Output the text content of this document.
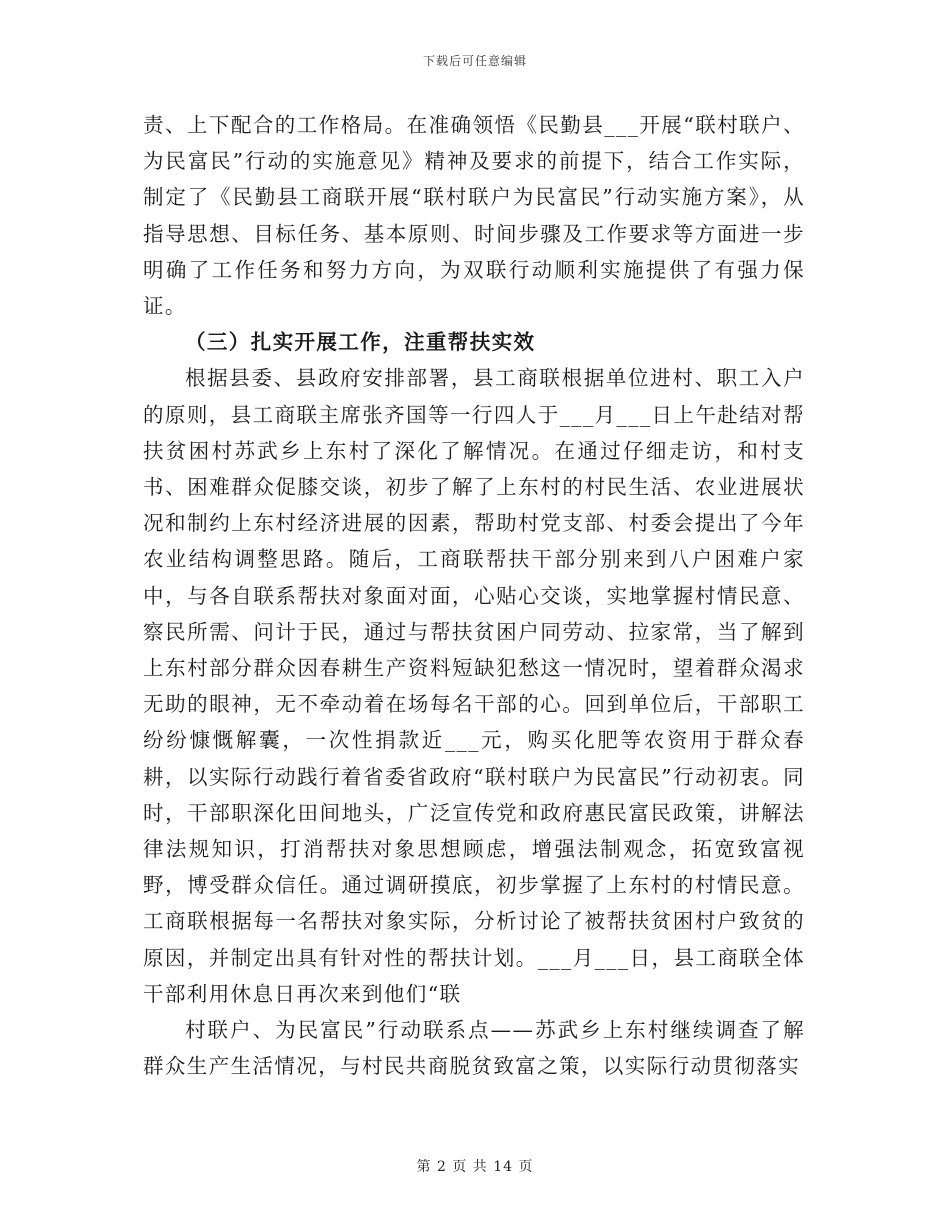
下载后可任意编辑

责、上下配合的工作格局。在准确领悟《民勤县___开展“联村联户、为民富民”行动的实施意见》精神及要求的前提下，结合工作实际，制定了《民勤县工商联开展“联村联户为民富民”行动实施方案》，从指导思想、目标任务、基本原则、时间步骤及工作要求等方面进一步明确了工作任务和努力方向，为双联行动顺利实施提供了有强力保证。

（三）扎实开展工作，注重帮扶实效

根据县委、县政府安排部署，县工商联根据单位进村、职工入户的原则，县工商联主席张齐国等一行四人于___月___日上午赴结对帮扶贫困村苏武乡上东村了深化了解情况。在通过仔细走访，和村支书、困难群众促膝交谈，初步了解了上东村的村民生活、农业进展状况和制约上东村经济进展的因素，帮助村党支部、村委会提出了今年农业结构调整思路。随后，工商联帮扶干部分别来到八户困难户家中，与各自联系帮扶对象面对面，心贴心交谈，实地掌握村情民意、察民所需、问计于民，通过与帮扶贫困户同劳动、拉家常，当了解到上东村部分群众因春耕生产资料短缺犯愁这一情况时，望着群众渴求无助的眼神，无不牵动着在场每名干部的心。回到单位后，干部职工纷纷慷慨解囊，一次性捐款近___元，购买化肥等农资用于群众春耕，以实际行动践行着省委省政府“联村联户为民富民”行动初衷。同时，干部职深化田间地头，广泛宣传党和政府惠民富民政策，讲解法律法规知识，打消帮扶对象思想顾虑，增强法制观念，拓宽致富视野，博受群众信任。通过调研摸底，初步掌握了上东村的村情民意。工商联根据每一名帮扶对象实际，分析讨论了被帮扶贫困村户致贫的原因，并制定出具有针对性的帮扶计划。___月___日，县工商联全体干部利用休息日再次来到他们“联

村联户、为民富民”行动联系点——苏武乡上东村继续调查了解群众生产生活情况，与村民共商脱贫致富之策，以实际行动贯彻落实

第 2 页 共 14 页
